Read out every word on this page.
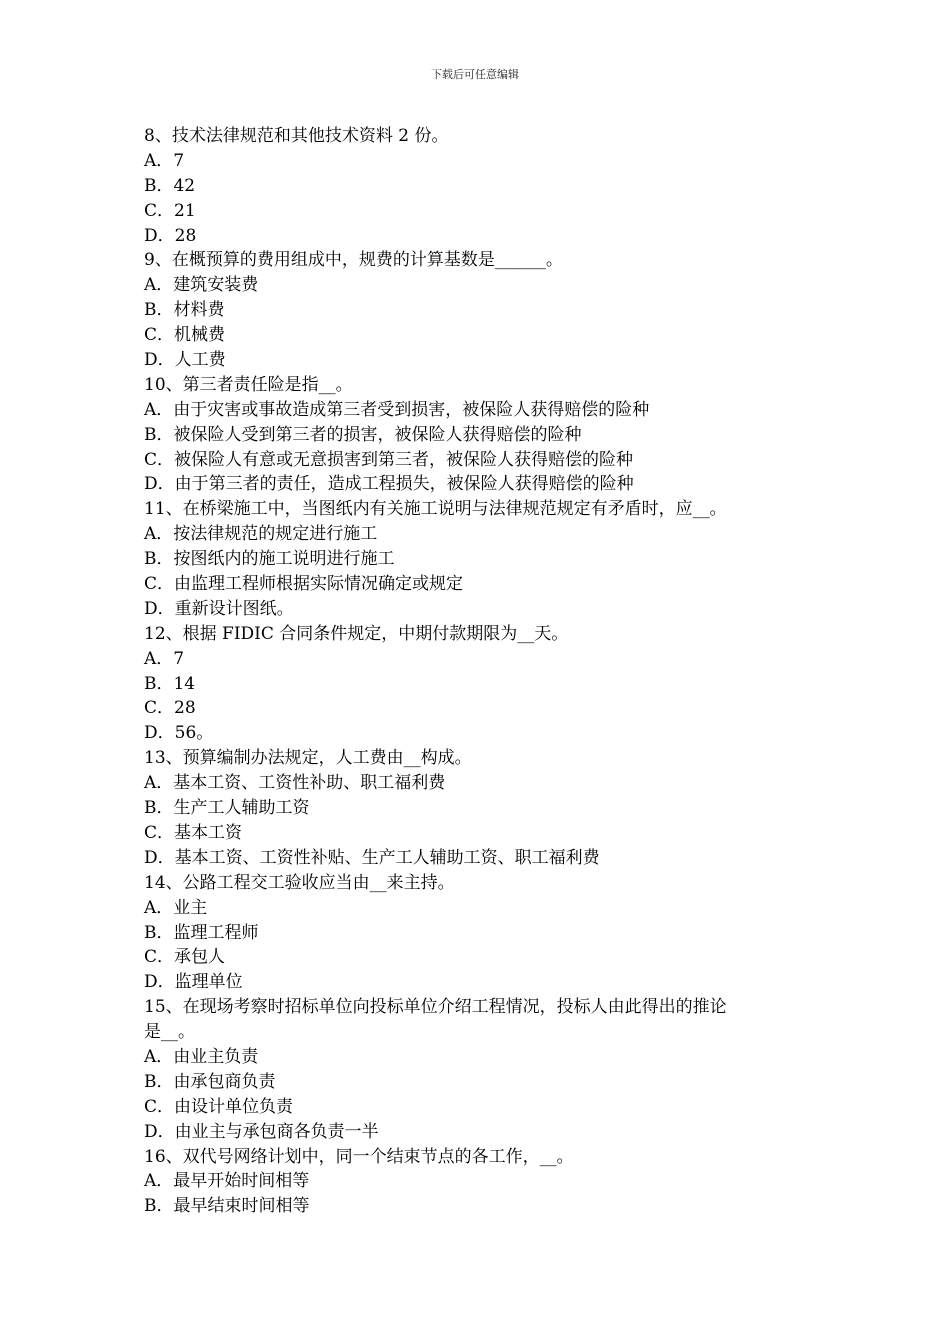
下载后可任意编辑
8、技术法律规范和其他技术资料 2 份。
A．7
B．42
C．21
D．28
9、在概预算的费用组成中，规费的计算基数是______。
A．建筑安装费
B．材料费
C．机械费
D．人工费
10、第三者责任险是指__。
A．由于灾害或事故造成第三者受到损害，被保险人获得赔偿的险种
B．被保险人受到第三者的损害，被保险人获得赔偿的险种
C．被保险人有意或无意损害到第三者，被保险人获得赔偿的险种
D．由于第三者的责任，造成工程损失，被保险人获得赔偿的险种
11、在桥梁施工中，当图纸内有关施工说明与法律规范规定有矛盾时，应__。
A．按法律规范的规定进行施工
B．按图纸内的施工说明进行施工
C．由监理工程师根据实际情况确定或规定
D．重新设计图纸。
12、根据 FIDIC 合同条件规定，中期付款期限为__天。
A．7
B．14
C．28
D．56。
13、预算编制办法规定，人工费由__构成。
A．基本工资、工资性补助、职工福利费
B．生产工人辅助工资
C．基本工资
D．基本工资、工资性补贴、生产工人辅助工资、职工福利费
14、公路工程交工验收应当由__来主持。
A．业主
B．监理工程师
C．承包人
D．监理单位
15、在现场考察时招标单位向投标单位介绍工程情况，投标人由此得出的推论
是__。
A．由业主负责
B．由承包商负责
C．由设计单位负责
D．由业主与承包商各负责一半
16、双代号网络计划中，同一个结束节点的各工作，__。
A．最早开始时间相等
B．最早结束时间相等
